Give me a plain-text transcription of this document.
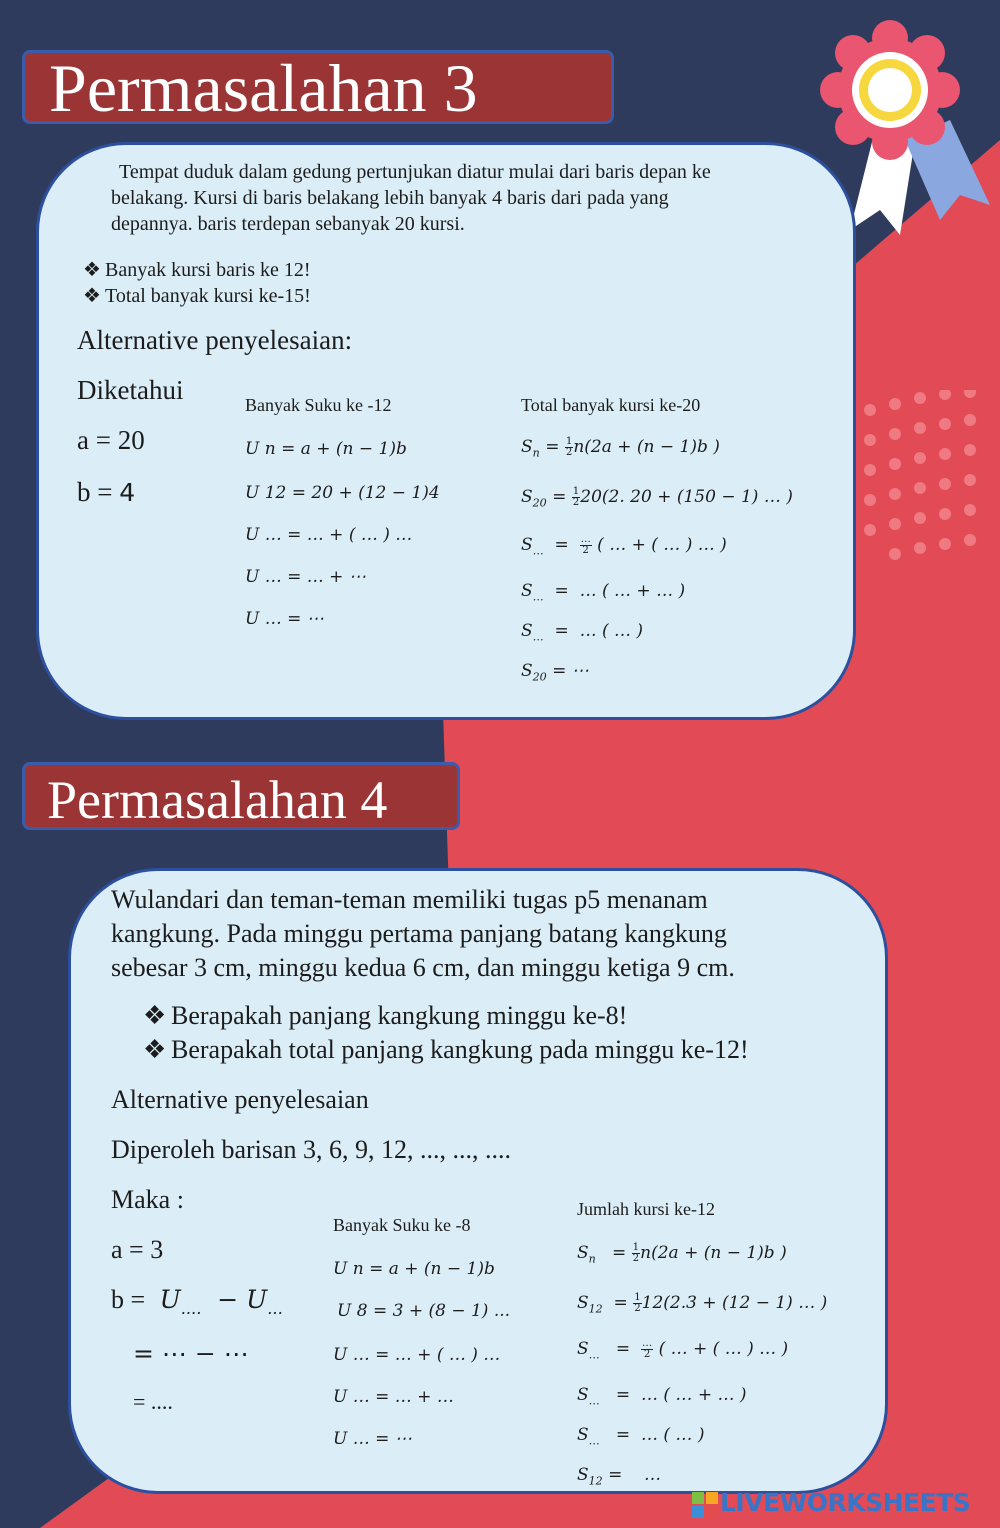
Permasalahan 3
Tempat duduk dalam gedung pertunjukan diatur mulai dari baris depan ke
belakang. Kursi di baris belakang lebih banyak 4 baris dari pada yang
depannya. baris terdepan sebanyak 20 kursi.
❖ Banyak kursi baris ke 12!
❖ Total banyak kursi ke-15!
Alternative penyelesaian:
Diketahui
a = 20
b = 4
Banyak Suku ke -12
U n = a + (n − 1)b
U 12 = 20 + (12 − 1)4
U … = … + ( … ) …
U … = … + ⋯
U … = ⋯
Total banyak kursi ke-20
$S_n = \frac{1}{2} n(2a + (n - 1)b$ )
$S_{20} = \frac{1}{2} 20(2$. 20 + (150 − 1) … )
$S_\dots = \frac{\dots}{2}$ ( … + ( … ) … )
$S_\dots$ = … ( … + … )
$S_\dots$ = … ( … )
$S_{20}$ = ⋯
Permasalahan 4
Wulandari dan teman-teman memiliki tugas p5 menanam
kangkung. Pada minggu pertama panjang batang kangkung
sebesar 3 cm, minggu kedua 6 cm, dan minggu ketiga 9 cm.
❖ Berapakah panjang kangkung minggu ke-8!
❖ Berapakah total panjang kangkung pada minggu ke-12!
Alternative penyelesaian
Diperoleh barisan 3, 6, 9, 12, ..., ..., ....
Maka :
a = 3
$b = U_{....} - U_{...}$
= ⋯ − ⋯
= ....
Banyak Suku ke -8
U n = a + (n − 1)b
U 8 = 3 + (8 − 1) ...
U … = … + ( … ) …
U … = … + …
U … = ⋯
Jumlah kursi ke-12
$S_n = \frac{1}{2} n(2a + (n - 1)b$ )
$S_{12} = \frac{1}{2} 12(2.3 + (12 - 1)$ … )
$S_\dots = \frac{\dots}{2}$ ( … + ( … ) … )
$S_\dots$ = … ( … + … )
$S_\dots$ = … ( … )
$S_{12}$ = …
LIVEWORKSHEETS
